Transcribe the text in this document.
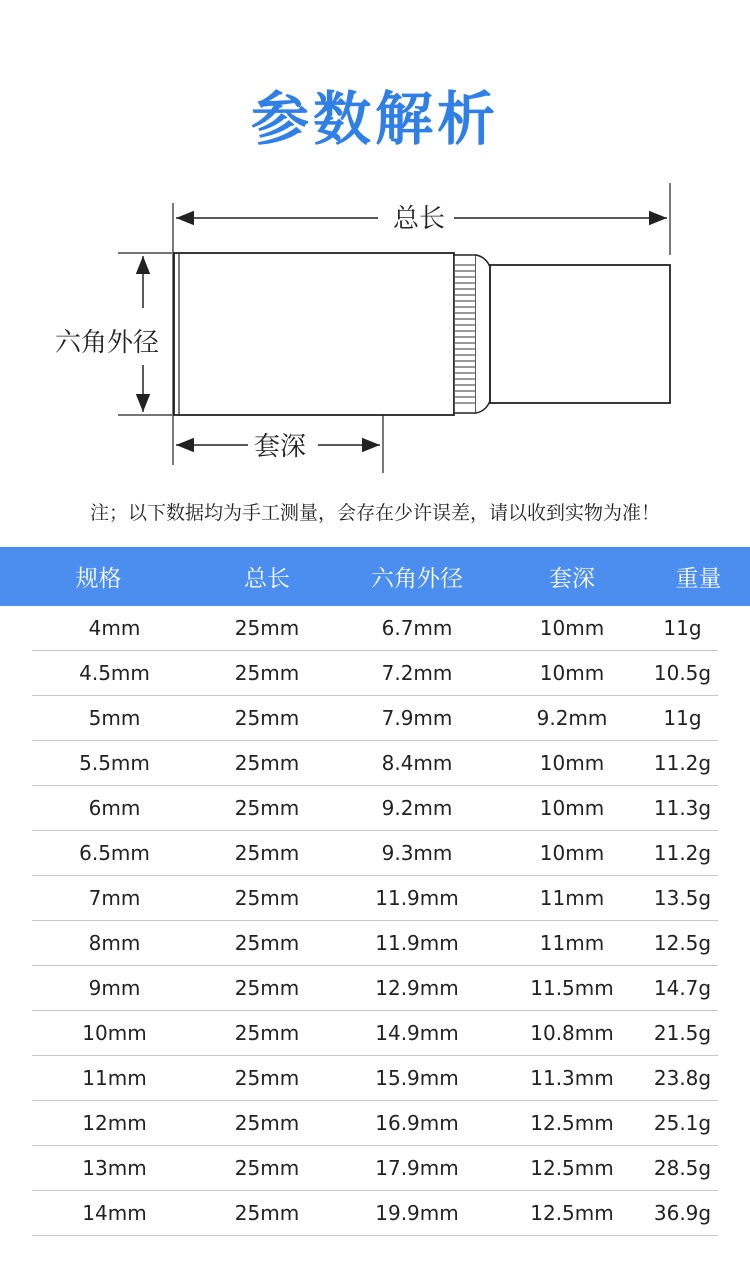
参数解析
总长
六角外径
套深
注；以下数据均为手工测量，会存在少许误差，请以收到实物为准！
规格	总长	六角外径	套深	重量
4mm	25mm	6.7mm	10mm	11g
4.5mm	25mm	7.2mm	10mm	10.5g
5mm	25mm	7.9mm	9.2mm	11g
5.5mm	25mm	8.4mm	10mm	11.2g
6mm	25mm	9.2mm	10mm	11.3g
6.5mm	25mm	9.3mm	10mm	11.2g
7mm	25mm	11.9mm	11mm	13.5g
8mm	25mm	11.9mm	11mm	12.5g
9mm	25mm	12.9mm	11.5mm	14.7g
10mm	25mm	14.9mm	10.8mm	21.5g
11mm	25mm	15.9mm	11.3mm	23.8g
12mm	25mm	16.9mm	12.5mm	25.1g
13mm	25mm	17.9mm	12.5mm	28.5g
14mm	25mm	19.9mm	12.5mm	36.9g
